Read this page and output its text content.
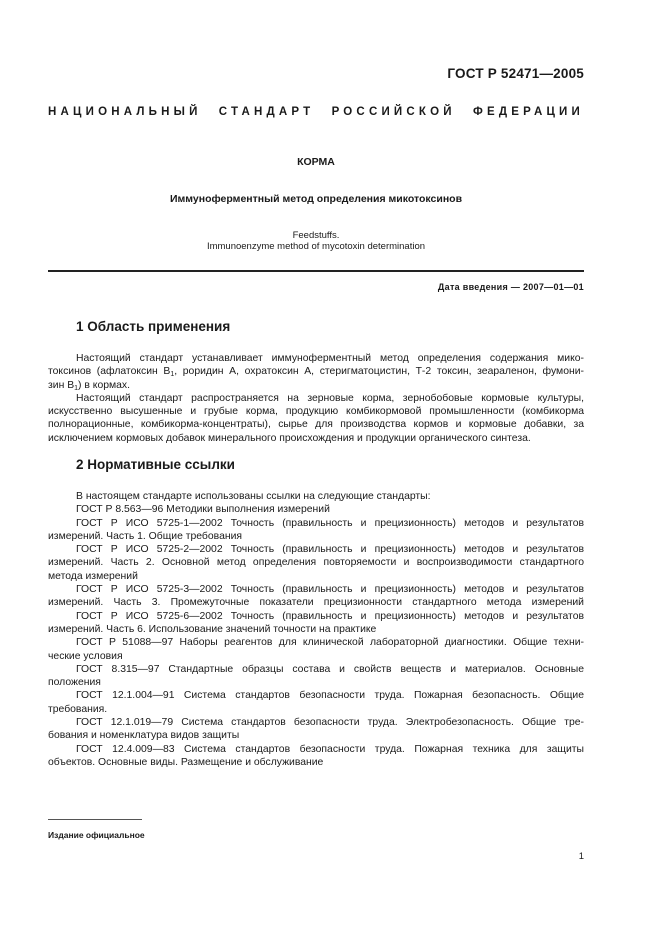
ГОСТ Р 52471—2005
НАЦИОНАЛЬНЫЙ СТАНДАРТ РОССИЙСКОЙ ФЕДЕРАЦИИ
КОРМА
Иммуноферментный метод определения микотоксинов
Feedstuffs.
Immunoenzyme method of mycotoxin determination
Дата введения — 2007—01—01
1 Область применения

Настоящий стандарт устанавливает иммуноферментный метод определения содержания мико-

токсинов (афлатоксин $В_1$, роридин А, охратоксин А, стеригматоцистин, Т-2 токсин, зеараленон, фумони-

зин $В_1$) в кормах.

Настоящий стандарт распространяется на зерновые корма, зернобобовые кормовые культуры,

искусственно высушенные и грубые корма, продукцию комбикормовой промышленности (комбикорма

полнорационные, комбикорма-концентраты), сырье для производства кормов и кормовые добавки, за

исключением кормовых добавок минерального происхождения и продукции органического синтеза.

2 Нормативные ссылки

В настоящем стандарте использованы ссылки на следующие стандарты:

ГОСТ Р 8.563—96 Методики выполнения измерений

ГОСТ Р ИСО 5725-1—2002 Точность (правильность и прецизионность) методов и результатов

измерений. Часть 1. Общие требования

ГОСТ Р ИСО 5725-2—2002 Точность (правильность и прецизионность) методов и результатов

измерений. Часть 2. Основной метод определения повторяемости и воспроизводимости стандартного

метода измерений

ГОСТ Р ИСО 5725-3—2002 Точность (правильность и прецизионность) методов и результатов

измерений. Часть 3. Промежуточные показатели прецизионности стандартного метода измерений

ГОСТ Р ИСО 5725-6—2002 Точность (правильность и прецизионность) методов и результатов

измерений. Часть 6. Использование значений точности на практике

ГОСТ Р 51088—97 Наборы реагентов для клинической лабораторной диагностики. Общие техни-

ческие условия

ГОСТ 8.315—97 Стандартные образцы состава и свойств веществ и материалов. Основные

положения

ГОСТ 12.1.004—91 Система стандартов безопасности труда. Пожарная безопасность. Общие

требования.

ГОСТ 12.1.019—79 Система стандартов безопасности труда. Электробезопасность. Общие тре-

бования и номенклатура видов защиты

ГОСТ 12.4.009—83 Система стандартов безопасности труда. Пожарная техника для защиты

объектов. Основные виды. Размещение и обслуживание

Издание официальное
1
